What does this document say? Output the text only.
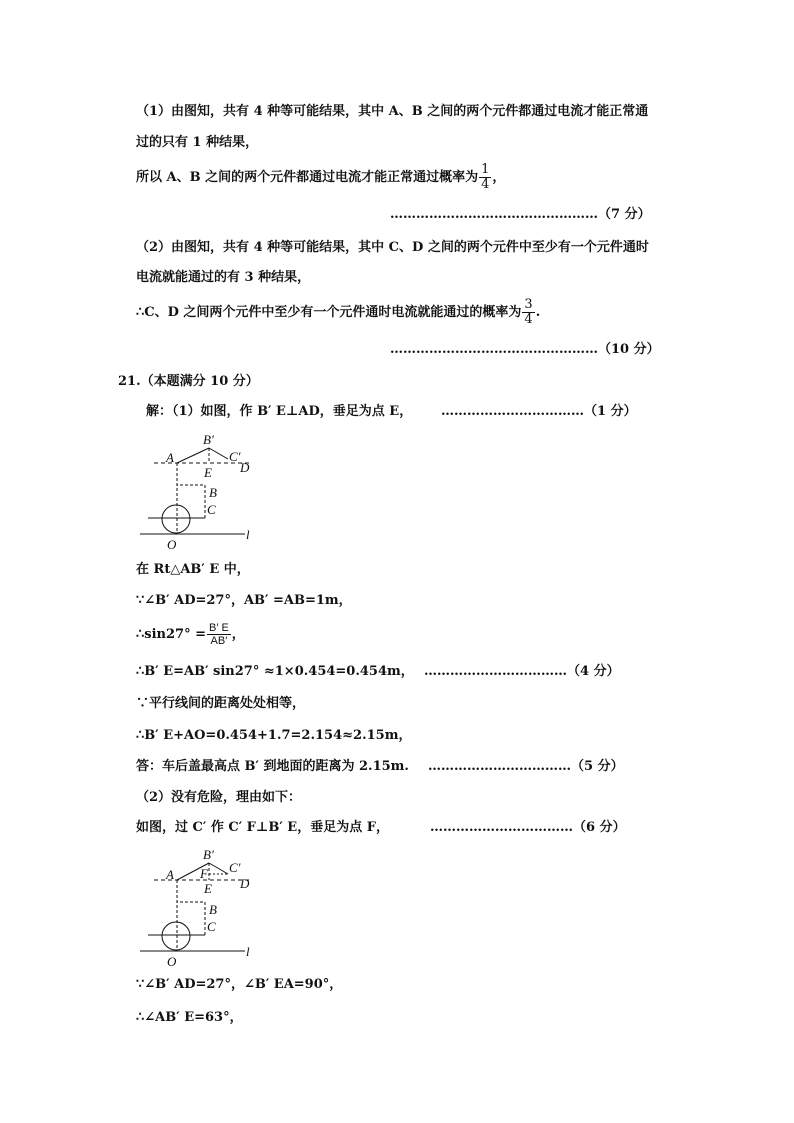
（1）由图知，共有 4 种等可能结果，其中 A、B 之间的两个元件都通过电流才能正常通
过的只有 1 种结果，
所以 A、B 之间的两个元件都通过电流才能正常通过概率为 $\frac{1}{4}$ ，
…………………………………………（7 分）
（2）由图知，共有 4 种等可能结果，其中 C、D 之间的两个元件中至少有一个元件通时
电流就能通过的有 3 种结果，
∴C、D 之间两个元件中至少有一个元件通时电流就能通过的概率为 $\frac{3}{4}$ .
…………………………………………（10 分）
21.（本题满分 10 分）
解：（1）如图，作 B′ E⊥AD，垂足为点 E， ……………………………（1 分）
B′
A	C′
D
E
B
C
O
l
在 Rt△AB′ E 中，
∵∠B′ AD=27°，AB′ =AB=1m，
∴sin27° = $\frac{B' E}{AB'}$ ，
∴B′ E=AB′ sin27° ≈1×0.454=0.454m， ……………………………（4 分）
∵平行线间的距离处处相等，
∴B′ E+AO=0.454+1.7=2.154≈2.15m，
答：车后盖最高点 B′ 到地面的距离为 2.15m. ……………………………（5 分）
（2）没有危险，理由如下：
如图，过 C′ 作 C′ F⊥B′ E，垂足为点 F，	……………………………（6 分）
B′
A F C′
D
E
B
C
O
l
∵∠B′ AD=27°，∠B′ EA=90°，
∴∠AB′ E=63°，
